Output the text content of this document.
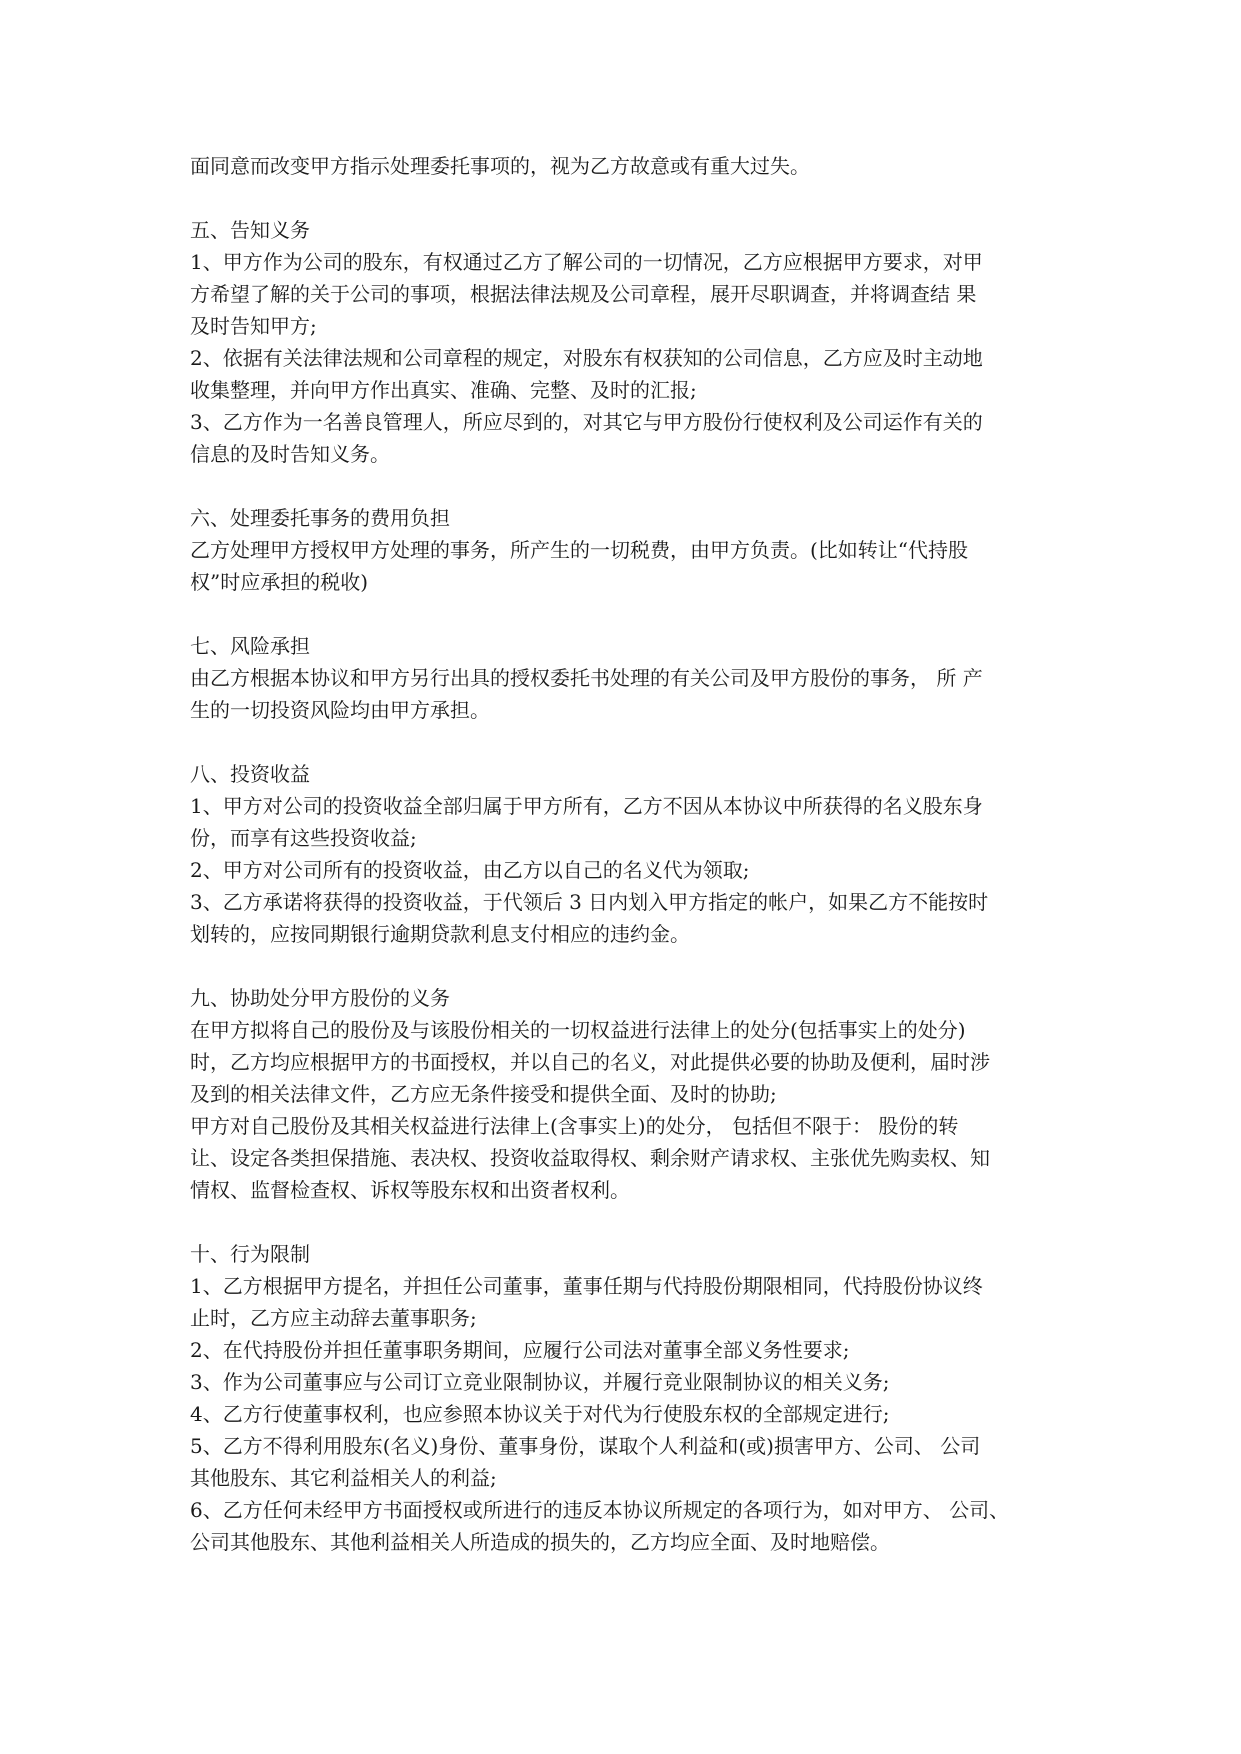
面同意而改变甲方指示处理委托事项的，视为乙方故意或有重大过失。
五、告知义务
1、甲方作为公司的股东，有权通过乙方了解公司的一切情况，乙方应根据甲方要求，对甲
方希望了解的关于公司的事项，根据法律法规及公司章程，展开尽职调查，并将调查结 果
及时告知甲方;
2、依据有关法律法规和公司章程的规定，对股东有权获知的公司信息，乙方应及时主动地
收集整理，并向甲方作出真实、准确、完整、及时的汇报;
3、乙方作为一名善良管理人，所应尽到的，对其它与甲方股份行使权利及公司运作有关的
信息的及时告知义务。
六、处理委托事务的费用负担
乙方处理甲方授权甲方处理的事务，所产生的一切税费，由甲方负责。(比如转让“代持股
权”时应承担的税收)
七、风险承担
由乙方根据本协议和甲方另行出具的授权委托书处理的有关公司及甲方股份的事务， 所 产
生的一切投资风险均由甲方承担。
八、投资收益
1、甲方对公司的投资收益全部归属于甲方所有，乙方不因从本协议中所获得的名义股东身
份，而享有这些投资收益;
2、甲方对公司所有的投资收益，由乙方以自己的名义代为领取;
3、乙方承诺将获得的投资收益，于代领后 3 日内划入甲方指定的帐户，如果乙方不能按时
划转的，应按同期银行逾期贷款利息支付相应的违约金。
九、协助处分甲方股份的义务
在甲方拟将自己的股份及与该股份相关的一切权益进行法律上的处分(包括事实上的处分)
时，乙方均应根据甲方的书面授权，并以自己的名义，对此提供必要的协助及便利，届时涉
及到的相关法律文件，乙方应无条件接受和提供全面、及时的协助;
甲方对自己股份及其相关权益进行法律上(含事实上)的处分， 包括但不限于： 股份的转
让、设定各类担保措施、表决权、投资收益取得权、剩余财产请求权、主张优先购卖权、知
情权、监督检查权、诉权等股东权和出资者权利。
十、行为限制
1、乙方根据甲方提名，并担任公司董事，董事任期与代持股份期限相同，代持股份协议终
止时，乙方应主动辞去董事职务;
2、在代持股份并担任董事职务期间，应履行公司法对董事全部义务性要求;
3、作为公司董事应与公司订立竞业限制协议，并履行竞业限制协议的相关义务;
4、乙方行使董事权利，也应参照本协议关于对代为行使股东权的全部规定进行;
5、乙方不得利用股东(名义)身份、董事身份，谋取个人利益和(或)损害甲方、公司、 公司
其他股东、其它利益相关人的利益;
6、乙方任何未经甲方书面授权或所进行的违反本协议所规定的各项行为，如对甲方、 公司、
公司其他股东、其他利益相关人所造成的损失的，乙方均应全面、及时地赔偿。
